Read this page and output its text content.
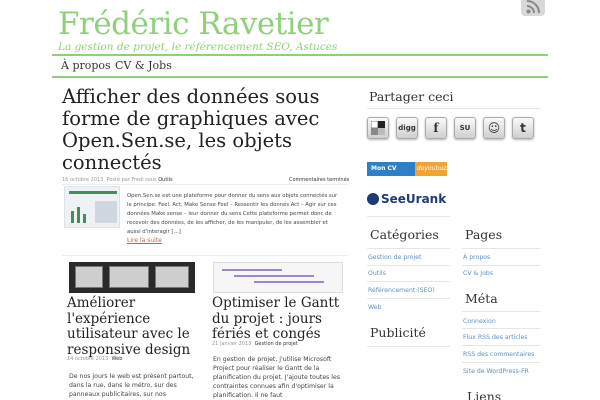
Frédéric Ravetier
La gestion de projet, le référencement SEO, Astuces
À propos CV & Jobs
Afficher des données sous forme de graphiques avec Open.Sen.se, les objets connectés
16 octobre 2013 Posté par Fredi sous Outils	Commentaires terminés
Open.Sen.se est une plateforme pour donner du sens aux objets connectés sur le principe: Feel, Act, Make Sense Feel – Ressentir les donnés Act – Agir sur ces données Make sense – leur donner du sens Cette plateforme permet donc de recevoir des données, de les afficher, de les manipuler, de les assembler et aussi d'interagir […]
Lire la suite
Améliorer l'expérience utilisateur avec le responsive design
14 octobre 2013 Web
De nos jours le web est présent partout, dans la rue, dans le métro, sur des panneaux publicitaires, sur nos
Optimiser le Gantt du projet : jours fériés et congés
21 janvier 2013 Gestion de projet
En gestion de projet, j'utilise Microsoft Project pour réaliser le Gantt de la planification du projet. J'ajoute toutes les contraintes connues afin d'optimiser la planification. Il ne faut
Partager ceci
digg	f	SU	☺	t
Mon CV	doyoubuzz
SeeUrank
Catégories
Gestion de projet
Outils
Référencement (SEO)
Web
Publicité
Pages
À propos
CV & Jobs
Méta
Connexion
Flux RSS des articles
RSS des commentaires
Site de WordPress-FR
Liens
